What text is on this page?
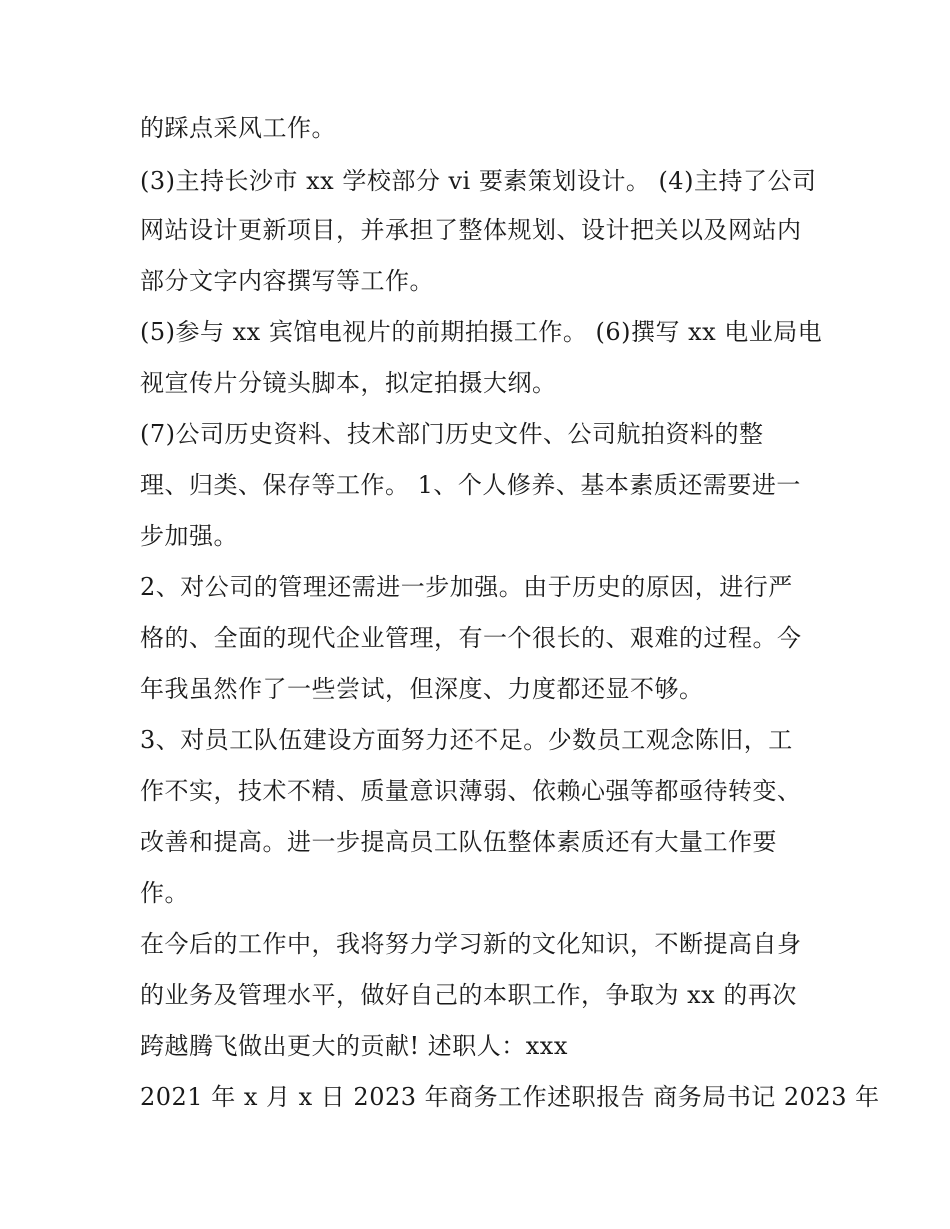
的踩点采风工作。
(3)主持长沙市 xx 学校部分 vi 要素策划设计。 (4)主持了公司
网站设计更新项目，并承担了整体规划、设计把关以及网站内
部分文字内容撰写等工作。
(5)参与 xx 宾馆电视片的前期拍摄工作。 (6)撰写 xx 电业局电
视宣传片分镜头脚本，拟定拍摄大纲。
(7)公司历史资料、技术部门历史文件、公司航拍资料的整
理、归类、保存等工作。 1、个人修养、基本素质还需要进一
步加强。
2、对公司的管理还需进一步加强。由于历史的原因，进行严
格的、全面的现代企业管理，有一个很长的、艰难的过程。今
年我虽然作了一些尝试，但深度、力度都还显不够。
3、对员工队伍建设方面努力还不足。少数员工观念陈旧，工
作不实，技术不精、质量意识薄弱、依赖心强等都亟待转变、
改善和提高。进一步提高员工队伍整体素质还有大量工作要
作。
在今后的工作中，我将努力学习新的文化知识，不断提高自身
的业务及管理水平，做好自己的本职工作，争取为 xx 的再次
跨越腾飞做出更大的贡献! 述职人：xxx
2021 年 x 月 x 日 2023 年商务工作述职报告 商务局书记 2023 年
